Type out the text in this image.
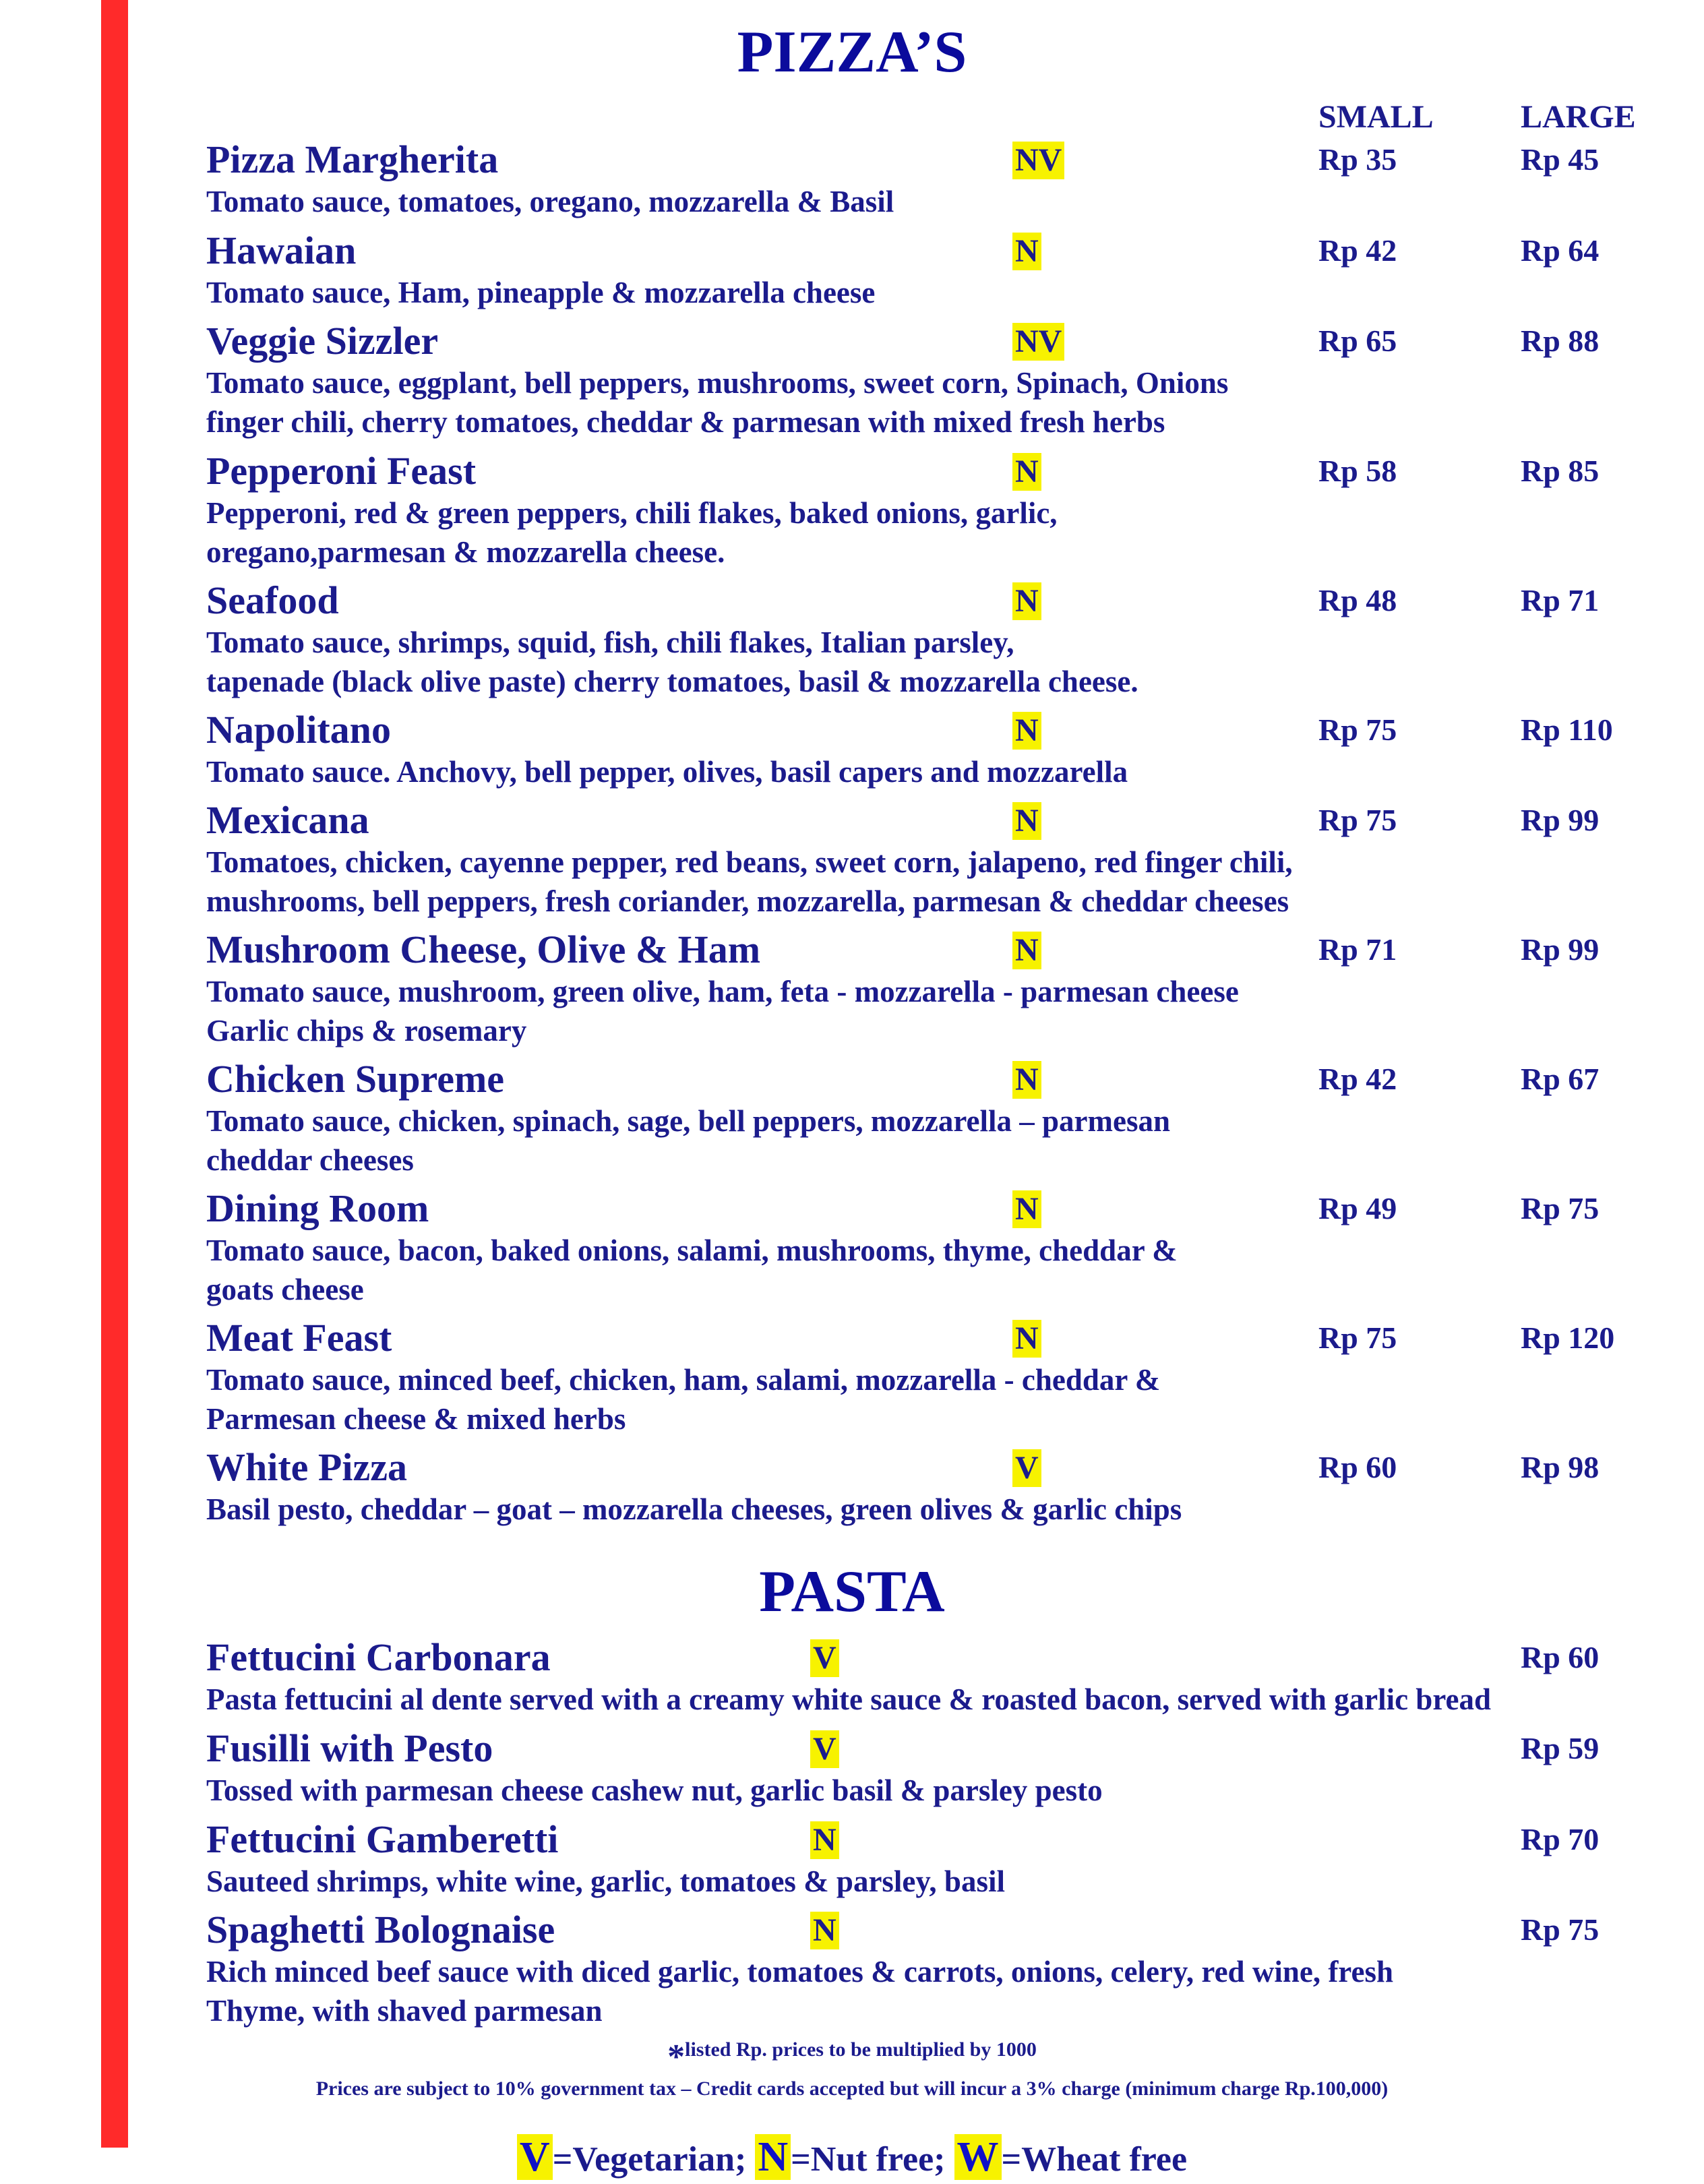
PIZZA’S
SMALL	LARGE
Pizza Margherita	NV	Rp 35	Rp 45
Tomato sauce, tomatoes, oregano, mozzarella & Basil
Hawaian	N	Rp 42	Rp 64
Tomato sauce, Ham, pineapple & mozzarella cheese
Veggie Sizzler	NV	Rp 65	Rp 88
Tomato sauce, eggplant, bell peppers, mushrooms, sweet corn, Spinach, Onions
finger chili, cherry tomatoes, cheddar & parmesan with mixed fresh herbs
Pepperoni Feast	N	Rp 58	Rp 85
Pepperoni, red & green peppers, chili flakes, baked onions, garlic,
oregano,parmesan & mozzarella cheese.
Seafood	N	Rp 48	Rp 71
Tomato sauce, shrimps, squid, fish, chili flakes, Italian parsley,
tapenade (black olive paste) cherry tomatoes, basil & mozzarella cheese.
Napolitano	N	Rp 75	Rp 110
Tomato sauce. Anchovy, bell pepper, olives, basil capers and mozzarella
Mexicana	N	Rp 75	Rp 99
Tomatoes, chicken, cayenne pepper, red beans, sweet corn, jalapeno, red finger chili,
mushrooms, bell peppers, fresh coriander, mozzarella, parmesan & cheddar cheeses
Mushroom Cheese, Olive & Ham	N	Rp 71	Rp 99
Tomato sauce, mushroom, green olive, ham, feta - mozzarella - parmesan cheese
Garlic chips & rosemary
Chicken Supreme	N	Rp 42	Rp 67
Tomato sauce, chicken, spinach, sage, bell peppers, mozzarella – parmesan
cheddar cheeses
Dining Room	N	Rp 49	Rp 75
Tomato sauce, bacon, baked onions, salami, mushrooms, thyme, cheddar &
goats cheese
Meat Feast	N	Rp 75	Rp 120
Tomato sauce, minced beef, chicken, ham, salami, mozzarella - cheddar &
Parmesan cheese & mixed herbs
White Pizza	V	Rp 60	Rp 98
Basil pesto, cheddar – goat – mozzarella cheeses, green olives & garlic chips
PASTA
Fettucini Carbonara	V	Rp 60
Pasta fettucini al dente served with a creamy white sauce & roasted bacon, served with garlic bread
Fusilli with Pesto	V	Rp 59
Tossed with parmesan cheese cashew nut, garlic basil & parsley pesto
Fettucini Gamberetti	N	Rp 70
Sauteed shrimps, white wine, garlic, tomatoes & parsley, basil
Spaghetti Bolognaise	N	Rp 75
Rich minced beef sauce with diced garlic, tomatoes & carrots, onions, celery, red wine, fresh
Thyme, with shaved parmesan
*listed Rp. prices to be multiplied by 1000
Prices are subject to 10% government tax – Credit cards accepted but will incur a 3% charge (minimum charge Rp.100,000)
V=Vegetarian; N=Nut free; W=Wheat free
